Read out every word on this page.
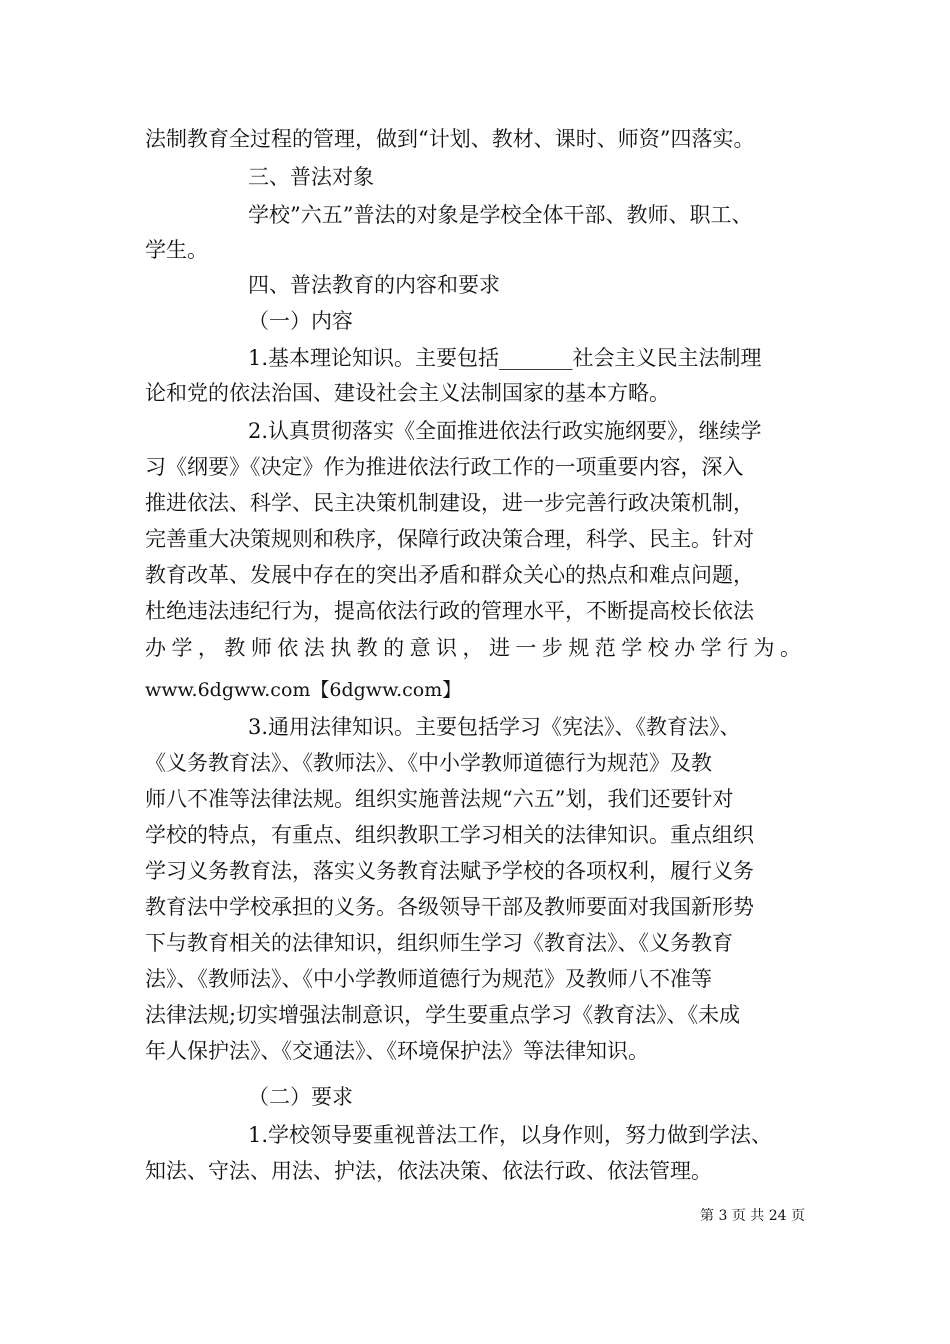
法制教育全过程的管理，做到“计划、教材、课时、师资”四落实。
三、普法对象
学校”六五”普法的对象是学校全体干部、教师、职工、
学生。
四、普法教育的内容和要求
（一）内容
1.基本理论知识。主要包括_______社会主义民主法制理
论和党的依法治国、建设社会主义法制国家的基本方略。
2.认真贯彻落实《全面推进依法行政实施纲要》，继续学
习《纲要》《决定》作为推进依法行政工作的一项重要内容，深入
推进依法、科学、民主决策机制建设，进一步完善行政决策机制，
完善重大决策规则和秩序，保障行政决策合理，科学、民主。针对
教育改革、发展中存在的突出矛盾和群众关心的热点和难点问题，
杜绝违法违纪行为，提高依法行政的管理水平，不断提高校长依法
办学，教师依法执教的意识，进一步规范学校办学行为。
www.6dgww.com【6dgww.com】
3.通用法律知识。主要包括学习《宪法》、《教育法》、
《义务教育法》、《教师法》、《中小学教师道德行为规范》及教
师八不准等法律法规。组织实施普法规“六五”划，我们还要针对
学校的特点，有重点、组织教职工学习相关的法律知识。重点组织
学习义务教育法，落实义务教育法赋予学校的各项权利，履行义务
教育法中学校承担的义务。各级领导干部及教师要面对我国新形势
下与教育相关的法律知识，组织师生学习《教育法》、《义务教育
法》、《教师法》、《中小学教师道德行为规范》及教师八不准等
法律法规;切实增强法制意识，学生要重点学习《教育法》、《未成
年人保护法》、《交通法》、《环境保护法》等法律知识。
（二）要求
1.学校领导要重视普法工作，以身作则，努力做到学法、
知法、守法、用法、护法，依法决策、依法行政、依法管理。
第 3 页 共 24 页
